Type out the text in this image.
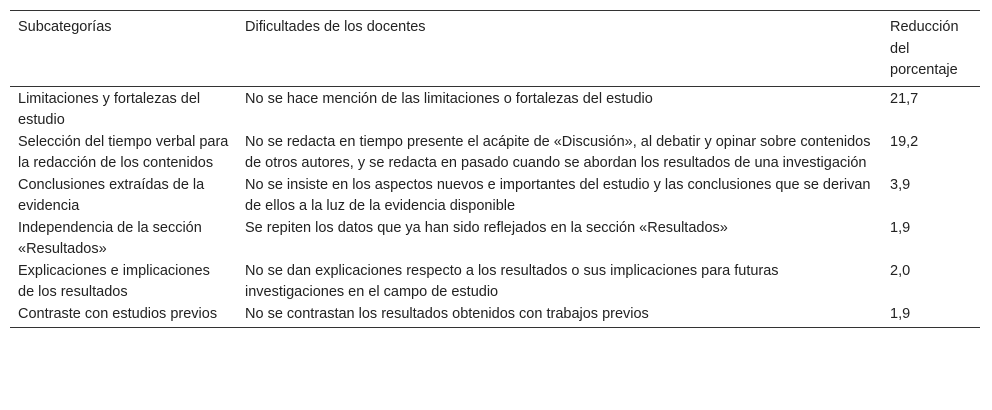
Subcategorías	Dificultades de los docentes	Reducción del porcentaje
Limitaciones y fortalezas del estudio	No se hace mención de las limitaciones o fortalezas del estudio	21,7
Selección del tiempo verbal para la redacción de los contenidos	No se redacta en tiempo presente el acápite de «Discusión», al debatir y opinar sobre contenidos de otros autores, y se redacta en pasado cuando se abordan los resultados de una investigación	19,2
Conclusiones extraídas de la evidencia	No se insiste en los aspectos nuevos e importantes del estudio y las conclusiones que se derivan de ellos a la luz de la evidencia disponible	3,9
Independencia de la sección «Resultados»	Se repiten los datos que ya han sido reflejados en la sección «Resultados»	1,9
Explicaciones e implicaciones de los resultados	No se dan explicaciones respecto a los resultados o sus implicaciones para futuras investigaciones en el campo de estudio	2,0
Contraste con estudios previos	No se contrastan los resultados obtenidos con trabajos previos	1,9
